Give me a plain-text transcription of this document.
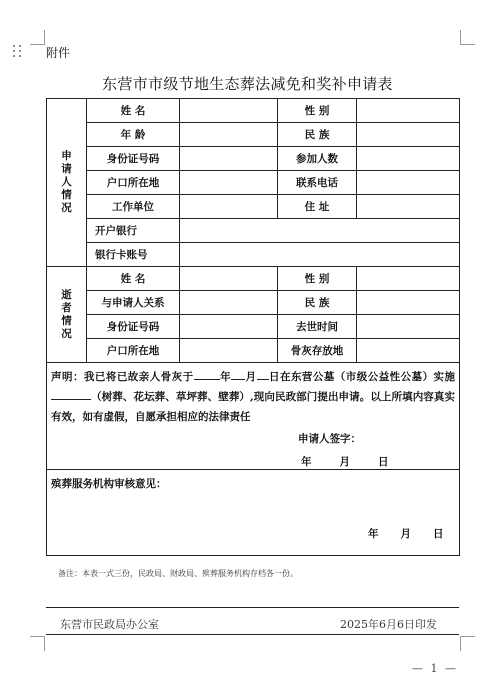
附件
东营市市级节地生态葬法减免和奖补申请表
申请人情况	姓 名		性 别	
	年 龄		民 族	
	身份证号码		参加人数	
	户口所在地		联系电话	
	工作单位		住 址	
	开户银行			
	银行卡账号			
逝者情况	姓 名		性 别	
	与申请人关系		民 族	
	身份证号码		去世时间	
	户口所在地		骨灰存放地	

声明：我已将已故亲人骨灰于 年 月 日在东营公墓（市级公益性公墓）实施（树葬、花坛葬、草坪葬、壁葬）,现向民政部门提出申请。以上所填内容真实有效，如有虚假，自愿承担相应的法律责任
申请人签字：
年 月 日				

殡葬服务机构审核意见：
年 月 日				
备注：本表一式三份，民政局、财政局、殡葬服务机构存档各一份。
东营市民政局办公室	2025年6月6日印发
— 1 —
